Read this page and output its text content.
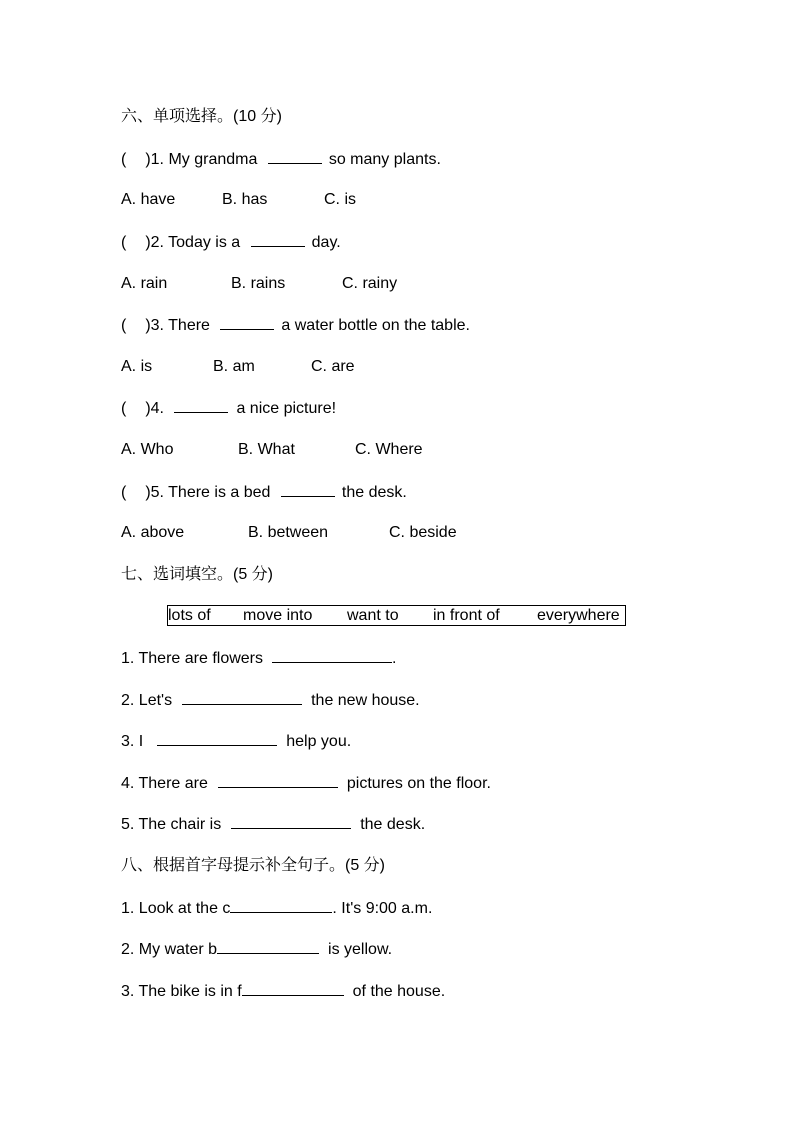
六、单项选择。(10 分)
( )1. My grandma	so many plants.
A. have	B. has	C. is
( )2. Today is a	day.
A. rain	B. rains	C. rainy
( )3. There	a water bottle on the table.
A. is	B. am	C. are
( )4.	a nice picture!
A. Who	B. What	C. Where
( )5. There is a bed	the desk.
A. above	B. between	C. beside
七、选词填空。(5 分)
lots of move into want to in front of everywhere
1. There are flowers	.
2. Let's	the new house.
3. I	help you.
4. There are	pictures on the floor.
5. The chair is	the desk.
八、根据首字母提示补全句子。(5 分)
1. Look at the c	. It's 9:00 a.m.
2. My water b	is yellow.
3. The bike is in f	of the house.
